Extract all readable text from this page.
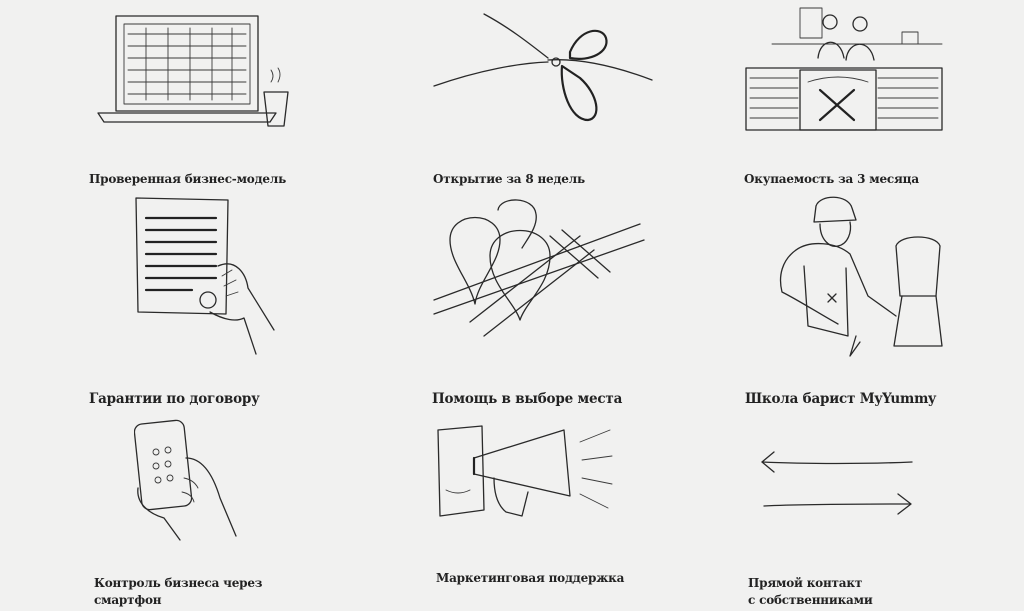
Проверенная бизнес-модель	Открытие за 8 недель	Окупаемость за 3 месяца
Гарантии по договору	Помощь в выборе места	Школа барист MyYummy
Контроль бизнеса через
смартфон
Маркетинговая поддержка	Прямой контакт
с собственниками
